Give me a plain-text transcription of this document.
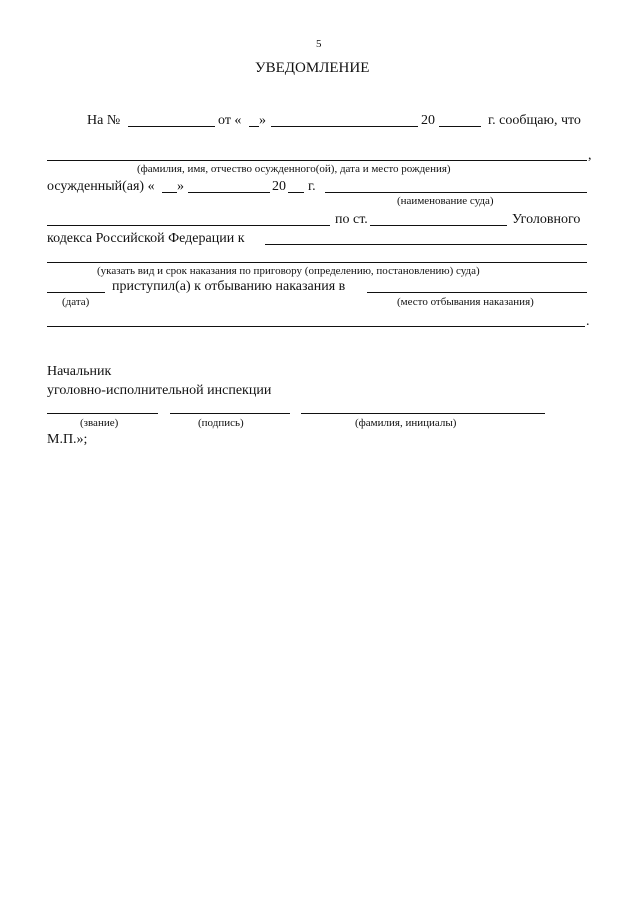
5
УВЕДОМЛЕНИЕ
На №	от « »	20	г. сообщаю, что
,
(фамилия, имя, отчество осужденного(ой), дата и место рождения)
осужденный(ая) « »	20 г.
(наименование суда)
по ст.	Уголовного
кодекса Российской Федерации к
(указать вид и срок наказания по приговору (определению, постановлению) суда)
приступил(а) к отбыванию наказания в
(дата)	(место отбывания наказания)
.
Начальник
уголовно-исполнительной инспекции
(звание)	(подпись)	(фамилия, инициалы)
М.П.»;
